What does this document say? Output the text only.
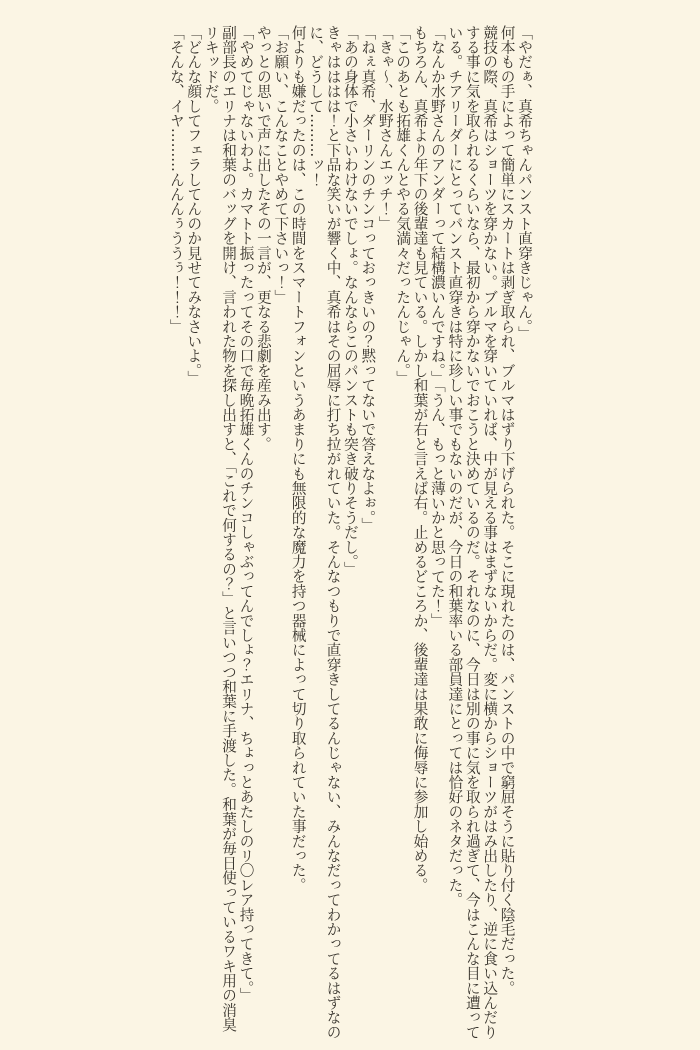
「やだぁ、真希ちゃんパンスト直穿きじゃん。」

何本もの手によって簡単にスカートは剥ぎ取られ、ブルマはずり下げられた。そこに現れたのは、パンストの中で窮屈そうに貼り付く陰毛だった。

競技の際、真希はショーツを穿かない。ブルマを穿いていれば、中が見える事はまずないからだ。変に横からショーツがはみ出したり、逆に食い込んだりする事に気を取られるくらいなら、最初から穿かないでおこうと決めているのだ。それなのに、今日は別の事に気を取られ過ぎて、今はこんな目に遭っている。チアリーダーにとってパンスト直穿きは特に珍しい事でもないのだが、今日の和葉率いる部員達にとっては恰好のネタだった。

「なんか水野さんのアンダーって結構濃いんですね。」「うん、もっと薄いかと思ってた！」

もちろん、真希より年下の後輩達も見ている。しかし和葉が右と言えば右。止めるどころか、後輩達は果敢に侮辱に参加し始める。

「このあとも拓雄くんとやる気満々だったんじゃん。」

「きゃ〜、水野さんエッチ！」

「ねぇ真希、ダーリンのチンコっておっきいの？黙ってないで答えなよぉ。」

「あの身体で小さいわけないでしょ。なんならこのパンストも突き破りそうだし。」

きゃはははは！と下品な笑いが響く中、真希はその屈辱に打ち拉がれていた。そんなつもりで直穿きしてるんじゃない、みんなだってわかってるはずなのに、どうして………ッ！

何よりも嫌だったのは、この時間をスマートフォンというあまりにも無限的な魔力を持つ器械によって切り取られていた事だった。

「お願い、こんなことやめて下さいっ！」

やっとの思いで声に出したその一言が、更なる悲劇を産み出す。

「やめてじゃないわよ。カマトト振ったってその口で毎晩拓雄くんのチンコしゃぶってんでしょ？エリナ、ちょっとあたしのリ〇レア持ってきて。」

副部長のエリナは和葉のバッグを開け、言われた物を探し出すと、「これで何するの？」と言いつつ和葉に手渡した。和葉が毎日使っているワキ用の消臭リキッドだ。

「どんな顔してフェラしてんのか見せてみなさいよ。」

「そんな、イヤ………んんんぅううぅ！！！」
